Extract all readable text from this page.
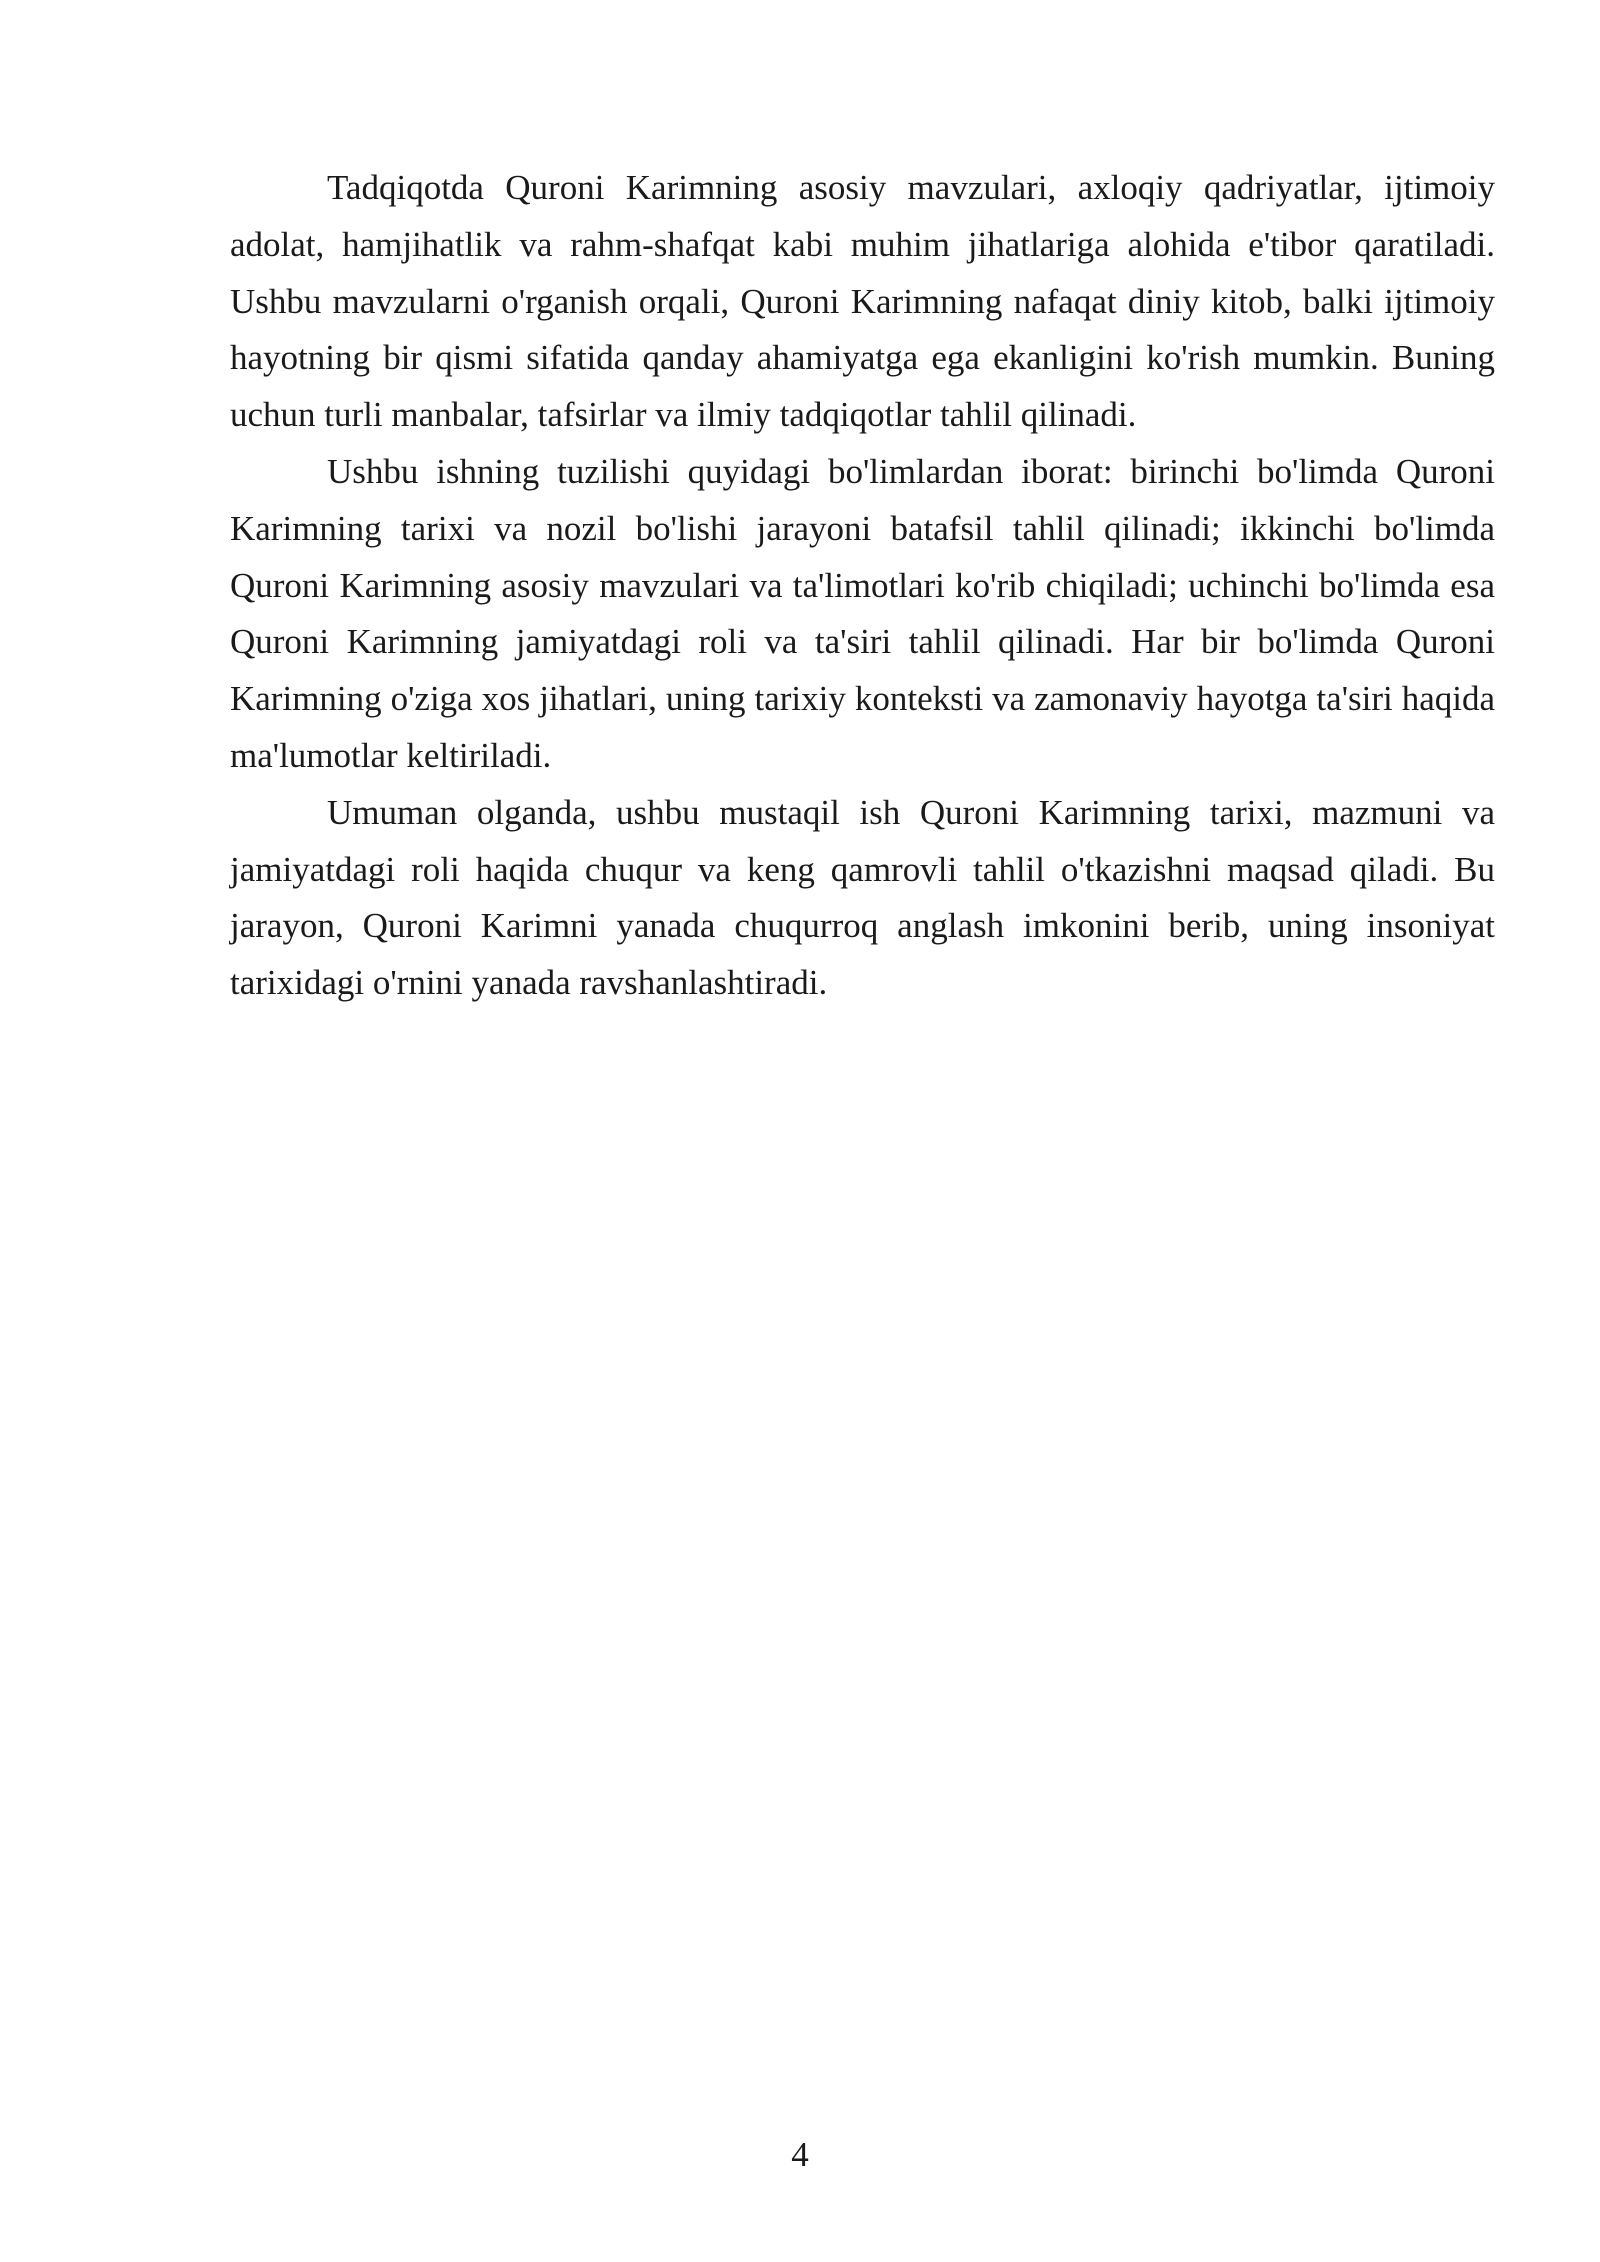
Tadqiqotda Quroni Karimning asosiy mavzulari, axloqiy qadriyatlar, ijtimoiy adolat, hamjihatlik va rahm-shafqat kabi muhim jihatlariga alohida e'tibor qaratiladi. Ushbu mavzularni o'rganish orqali, Quroni Karimning nafaqat diniy kitob, balki ijtimoiy hayotning bir qismi sifatida qanday ahamiyatga ega ekanligini ko'rish mumkin. Buning uchun turli manbalar, tafsirlar va ilmiy tadqiqotlar tahlil qilinadi.

Ushbu ishning tuzilishi quyidagi bo'limlardan iborat: birinchi bo'limda Quroni Karimning tarixi va nozil bo'lishi jarayoni batafsil tahlil qilinadi; ikkinchi bo'limda Quroni Karimning asosiy mavzulari va ta'limotlari ko'rib chiqiladi; uchinchi bo'limda esa Quroni Karimning jamiyatdagi roli va ta'siri tahlil qilinadi. Har bir bo'limda Quroni Karimning o'ziga xos jihatlari, uning tarixiy konteksti va zamonaviy hayotga ta'siri haqida ma'lumotlar keltiriladi.

Umuman olganda, ushbu mustaqil ish Quroni Karimning tarixi, mazmuni va jamiyatdagi roli haqida chuqur va keng qamrovli tahlil o'tkazishni maqsad qiladi. Bu jarayon, Quroni Karimni yanada chuqurroq anglash imkonini berib, uning insoniyat tarixidagi o'rnini yanada ravshanlashtiradi.

4
